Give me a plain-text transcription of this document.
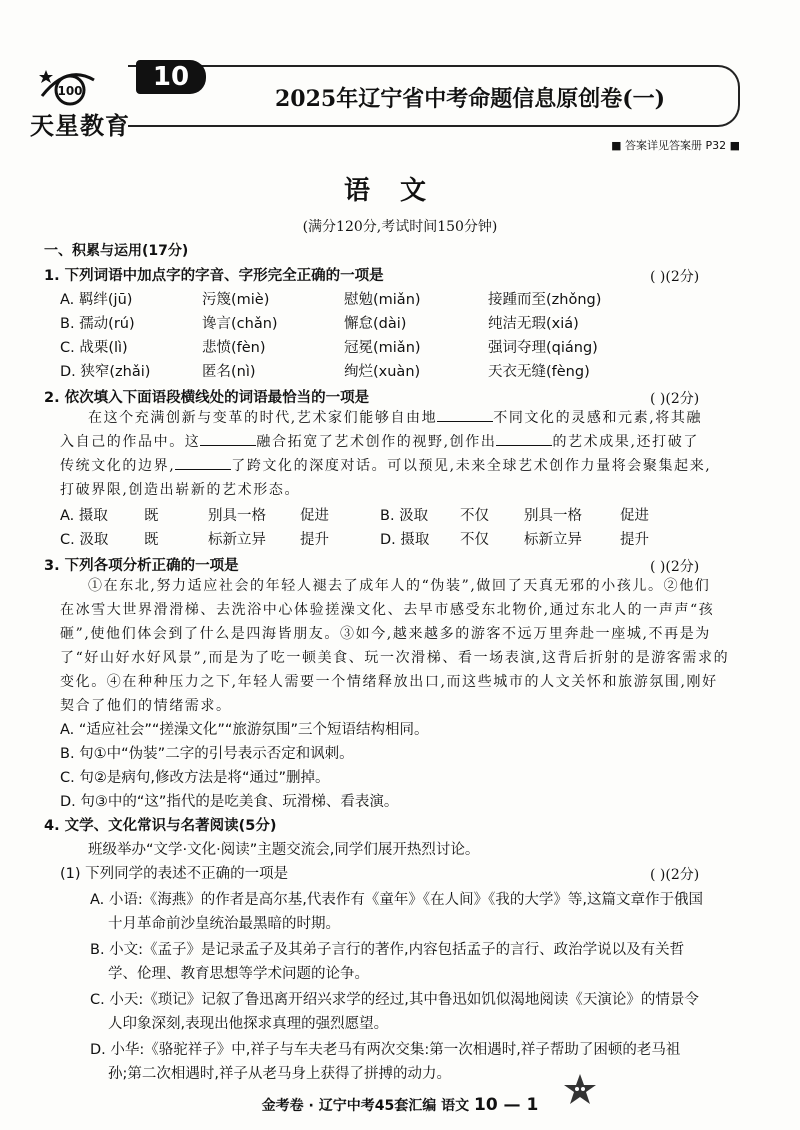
100
天星教育
10
2025年辽宁省中考命题信息原创卷(一)
■ 答案详见答案册 P32 ■
语文
(满分120分,考试时间150分钟)
一、积累与运用(17分)
1. 下列词语中加点字的字音、字形完全正确的一项是	( )(2分)
A. 羁绊(jū)	污篾(miè)	慰勉(miǎn)	接踵而至(zhǒng)
B. 孺动(rú)	谗言(chǎn)	懈怠(dài)	纯洁无瑕(xiá)
C. 战栗(lì)	悲愤(fèn)	冠冕(miǎn)	强词夺理(qiáng)
D. 狭窄(zhǎi)	匿名(nì)	绚烂(xuàn)	天衣无缝(fèng)
2. 依次填入下面语段横线处的词语最恰当的一项是	( )(2分)
在这个充满创新与变革的时代,艺术家们能够自由地	不同文化的灵感和元素,将其融
入自己的作品中。这	融合拓宽了艺术创作的视野,创作出	的艺术成果,还打破了
传统文化的边界,	了跨文化的深度对话。可以预见,未来全球艺术创作力量将会聚集起来,
打破界限,创造出崭新的艺术形态。
A. 摄取 既	别具一格 促进	B. 汲取 不仅 别具一格	促进
C. 汲取 既	标新立异 提升	D. 摄取 不仅 标新立异	提升
3. 下列各项分析正确的一项是	( )(2分)
①在东北,努力适应社会的年轻人褪去了成年人的“伪装”,做回了天真无邪的小孩儿。②他们
在冰雪大世界滑滑梯、去洗浴中心体验搓澡文化、去早市感受东北物价,通过东北人的一声声“孩
砸”,使他们体会到了什么是四海皆朋友。③如今,越来越多的游客不远万里奔赴一座城,不再是为
了“好山好水好风景”,而是为了吃一顿美食、玩一次滑梯、看一场表演,这背后折射的是游客需求的
变化。④在种种压力之下,年轻人需要一个情绪释放出口,而这些城市的人文关怀和旅游氛围,刚好
契合了他们的情绪需求。
A. “适应社会”“搓澡文化”“旅游氛围”三个短语结构相同。
B. 句①中“伪装”二字的引号表示否定和讽刺。
C. 句②是病句,修改方法是将“通过”删掉。
D. 句③中的“这”指代的是吃美食、玩滑梯、看表演。
4. 文学、文化常识与名著阅读(5分)
班级举办“文学·文化·阅读”主题交流会,同学们展开热烈讨论。
(1) 下列同学的表述不正确的一项是	( )(2分)
A. 小语:《海燕》的作者是高尔基,代表作有《童年》《在人间》《我的大学》等,这篇文章作于俄国
十月革命前沙皇统治最黑暗的时期。
B. 小文:《孟子》是记录孟子及其弟子言行的著作,内容包括孟子的言行、政治学说以及有关哲
学、伦理、教育思想等学术问题的论争。
C. 小天:《琐记》记叙了鲁迅离开绍兴求学的经过,其中鲁迅如饥似渴地阅读《天演论》的情景令
人印象深刻,表现出他探求真理的强烈愿望。
D. 小华:《骆驼祥子》中,祥子与车夫老马有两次交集:第一次相遇时,祥子帮助了困顿的老马祖
孙;第二次相遇时,祥子从老马身上获得了拼搏的动力。
金考卷 · 辽宁中考45套汇编 语文 10 — 1
